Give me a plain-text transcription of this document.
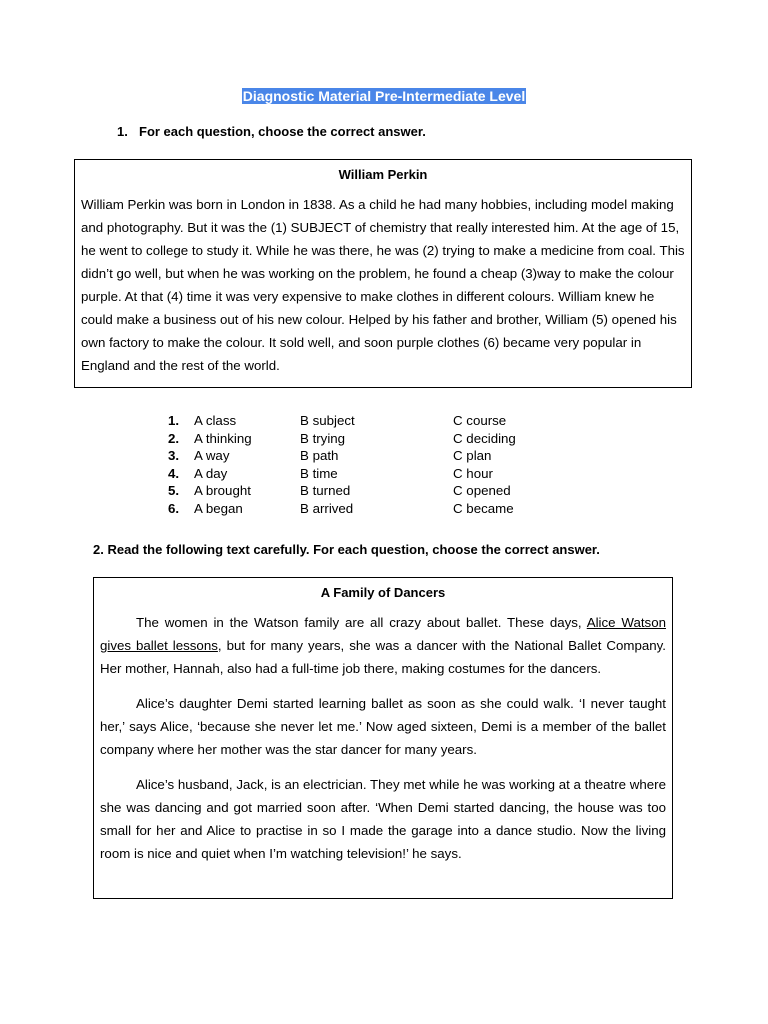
Diagnostic Material Pre-Intermediate Level
1. For each question, choose the correct answer.
William Perkin
William Perkin was born in London in 1838. As a child he had many hobbies, including model making and photography. But it was the (1) SUBJECT of chemistry that really interested him. At the age of 15, he went to college to study it. While he was there, he was (2) trying to make a medicine from coal. This didn’t go well, but when he was working on the problem, he found a cheap (3)way to make the colour purple. At that (4) time it was very expensive to make clothes in different colours. William knew he could make a business out of his new colour. Helped by his father and brother, William (5) opened his own factory to make the colour. It sold well, and soon purple clothes (6) became very popular in England and the rest of the world.
1.	A class	B subject	C course
2.	A thinking	B trying	C deciding
3.	A way	B path	C plan
4.	A day	B time	C hour
5.	A brought	B turned	C opened
6.	A began	B arrived	C became
2. Read the following text carefully. For each question, choose the correct answer.
A Family of Dancers

The women in the Watson family are all crazy about ballet. These days, Alice Watson gives ballet lessons, but for many years, she was a dancer with the National Ballet Company. Her mother, Hannah, also had a full-time job there, making costumes for the dancers.

Alice’s daughter Demi started learning ballet as soon as she could walk. ‘I never taught her,’ says Alice, ‘because she never let me.’ Now aged sixteen, Demi is a member of the ballet company where her mother was the star dancer for many years.

Alice’s husband, Jack, is an electrician. They met while he was working at a theatre where she was dancing and got married soon after. ‘When Demi started dancing, the house was too small for her and Alice to practise in so I made the garage into a dance studio. Now the living room is nice and quiet when I’m watching television!’ he says.
